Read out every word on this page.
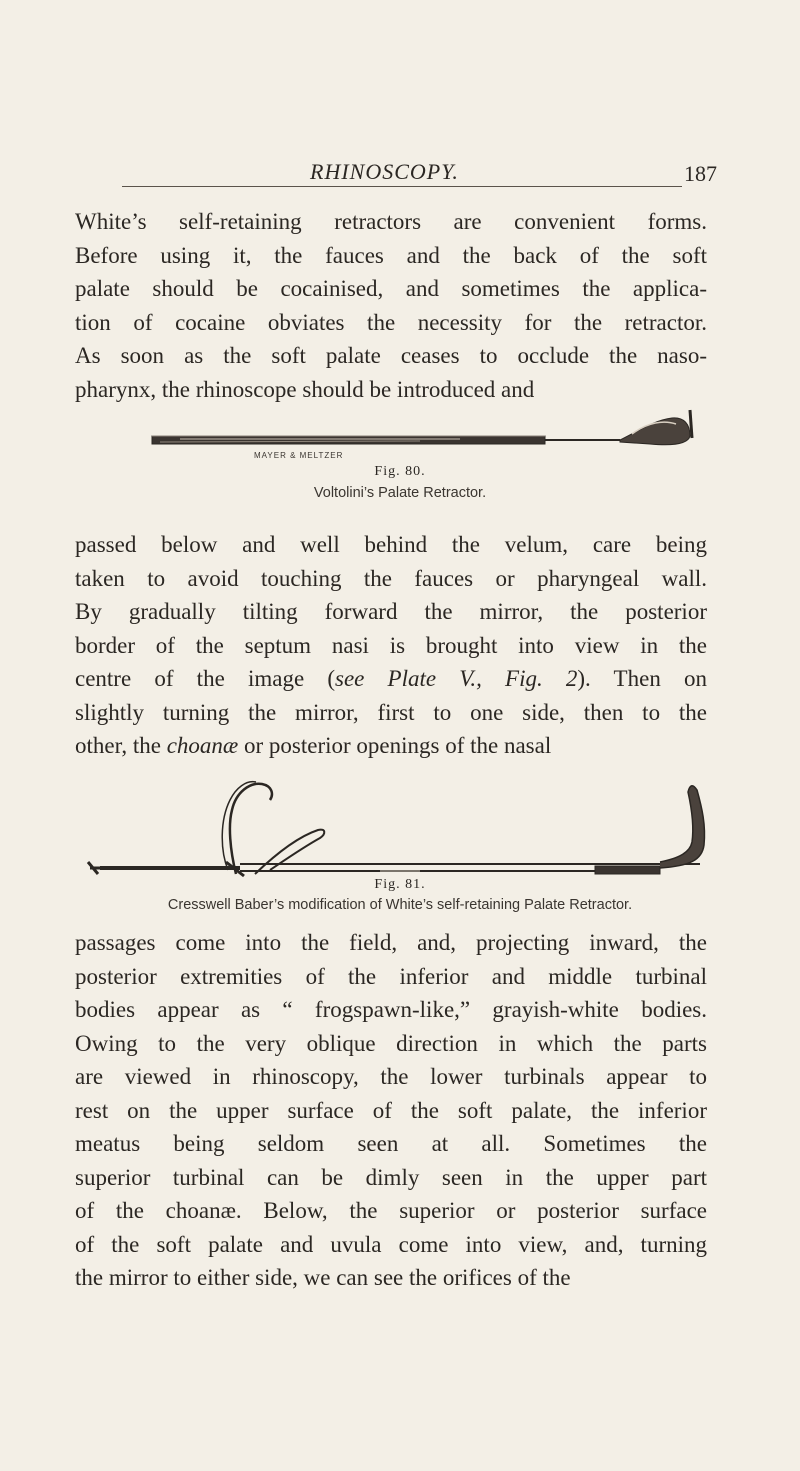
RHINOSCOPY.	187
White’s self-retaining retractors are convenient forms.
Before using it, the fauces and the back of the soft
palate should be cocainised, and sometimes the applica-
tion of cocaine obviates the necessity for the retractor.
As soon as the soft palate ceases to occlude the naso-
pharynx, the rhinoscope should be introduced and
MAYER & MELTZER
Fig. 80.
Voltolini’s Palate Retractor.
passed below and well behind the velum, care being
taken to avoid touching the fauces or pharyngeal wall.
By gradually tilting forward the mirror, the posterior
border of the septum nasi is brought into view in the
centre of the image (see Plate V., Fig. 2). Then on
slightly turning the mirror, first to one side, then to the
other, the choanæ or posterior openings of the nasal
Fig. 81.
Cresswell Baber’s modification of White’s self-retaining Palate Retractor.
passages come into the field, and, projecting inward, the
posterior extremities of the inferior and middle turbinal
bodies appear as “ frogspawn-like,” grayish-white bodies.
Owing to the very oblique direction in which the parts
are viewed in rhinoscopy, the lower turbinals appear to
rest on the upper surface of the soft palate, the inferior
meatus being seldom seen at all. Sometimes the
superior turbinal can be dimly seen in the upper part
of the choanæ. Below, the superior or posterior surface
of the soft palate and uvula come into view, and, turning
the mirror to either side, we can see the orifices of the
